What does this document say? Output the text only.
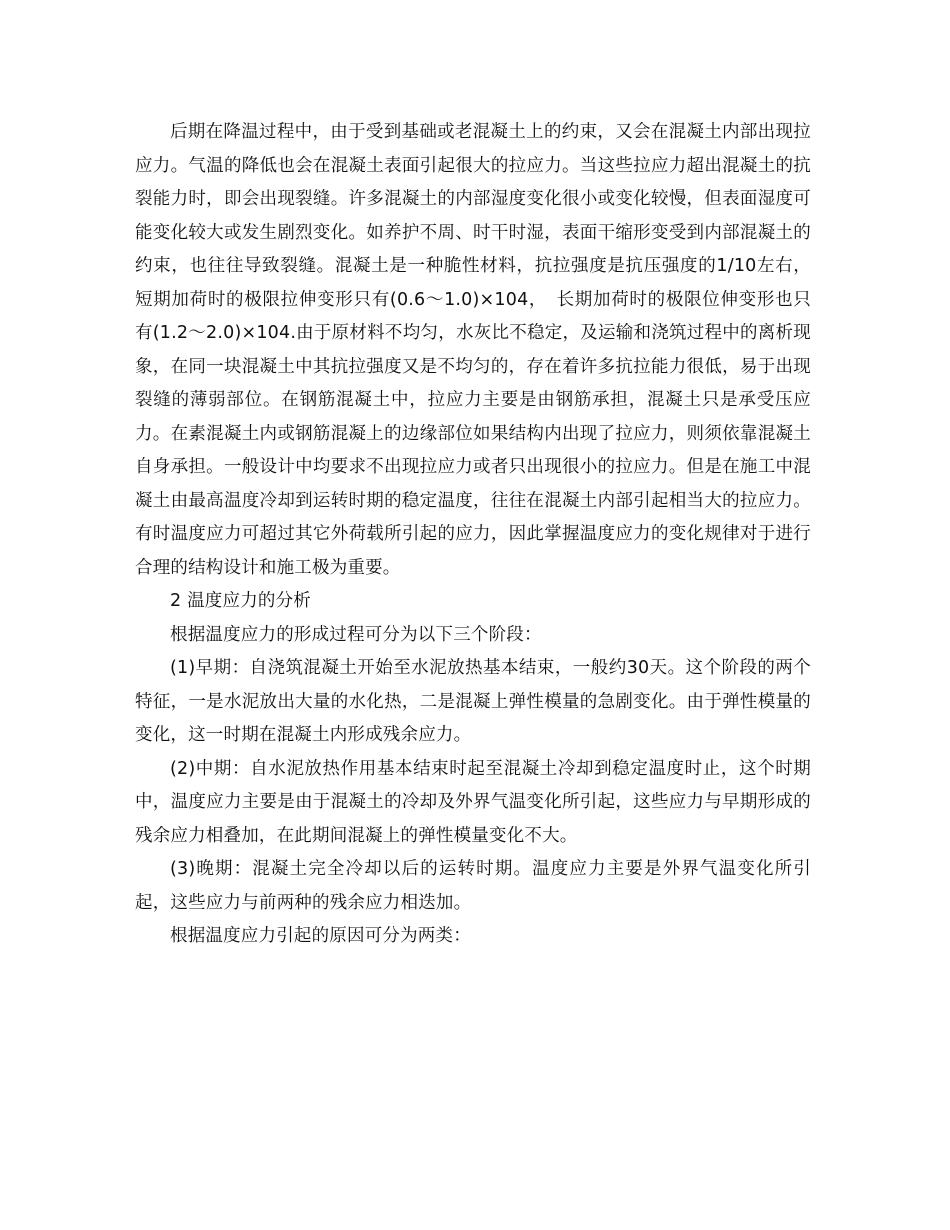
后期在降温过程中，由于受到基础或老混凝土上的约束，又会在混凝土内部出现拉应力。气温的降低也会在混凝土表面引起很大的拉应力。当这些拉应力超出混凝土的抗裂能力时，即会出现裂缝。许多混凝土的内部湿度变化很小或变化较慢，但表面湿度可能变化较大或发生剧烈变化。如养护不周、时干时湿，表面干缩形变受到内部混凝土的约束，也往往导致裂缝。混凝土是一种脆性材料，抗拉强度是抗压强度的1/10左右，短期加荷时的极限拉伸变形只有(0.6～1.0)×104，　长期加荷时的极限位伸变形也只有(1.2～2.0)×104.由于原材料不均匀，水灰比不稳定，及运输和浇筑过程中的离析现象，在同一块混凝土中其抗拉强度又是不均匀的，存在着许多抗拉能力很低，易于出现裂缝的薄弱部位。在钢筋混凝土中，拉应力主要是由钢筋承担，混凝土只是承受压应力。在素混凝土内或钢筋混凝上的边缘部位如果结构内出现了拉应力，则须依靠混凝土自身承担。一般设计中均要求不出现拉应力或者只出现很小的拉应力。但是在施工中混凝土由最高温度冷却到运转时期的稳定温度，往往在混凝土内部引起相当大的拉应力。有时温度应力可超过其它外荷载所引起的应力，因此掌握温度应力的变化规律对于进行合理的结构设计和施工极为重要。

2 温度应力的分析

根据温度应力的形成过程可分为以下三个阶段：

(1)早期：自浇筑混凝土开始至水泥放热基本结束，一般约30天。这个阶段的两个特征，一是水泥放出大量的水化热，二是混凝上弹性模量的急剧变化。由于弹性模量的变化，这一时期在混凝土内形成残余应力。

(2)中期：自水泥放热作用基本结束时起至混凝土冷却到稳定温度时止，这个时期中，温度应力主要是由于混凝土的冷却及外界气温变化所引起，这些应力与早期形成的残余应力相叠加，在此期间混凝上的弹性模量变化不大。

(3)晚期：混凝土完全冷却以后的运转时期。温度应力主要是外界气温变化所引起，这些应力与前两种的残余应力相迭加。

根据温度应力引起的原因可分为两类：
